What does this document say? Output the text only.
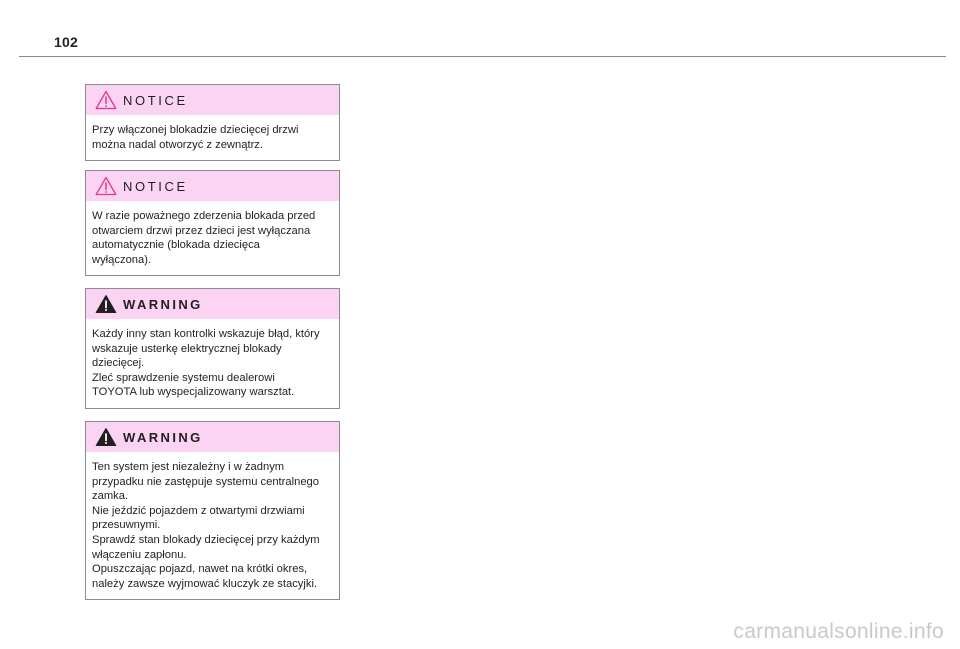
102
NOTICE

Przy włączonej blokadzie dziecięcej drzwi

można nadal otworzyć z zewnątrz.

NOTICE

W razie poważnego zderzenia blokada przed

otwarciem drzwi przez dzieci jest wyłączana

automatycznie (blokada dziecięca

wyłączona).

WARNING

Każdy inny stan kontrolki wskazuje błąd, który

wskazuje usterkę elektrycznej blokady

dziecięcej.

Zleć sprawdzenie systemu dealerowi

TOYOTA lub wyspecjalizowany warsztat.

WARNING

Ten system jest niezależny i w żadnym

przypadku nie zastępuje systemu centralnego

zamka.

Nie jeździć pojazdem z otwartymi drzwiami

przesuwnymi.

Sprawdź stan blokady dziecięcej przy każdym

włączeniu zapłonu.

Opuszczając pojazd, nawet na krótki okres,

należy zawsze wyjmować kluczyk ze stacyjki.

carmanualsonline.info
